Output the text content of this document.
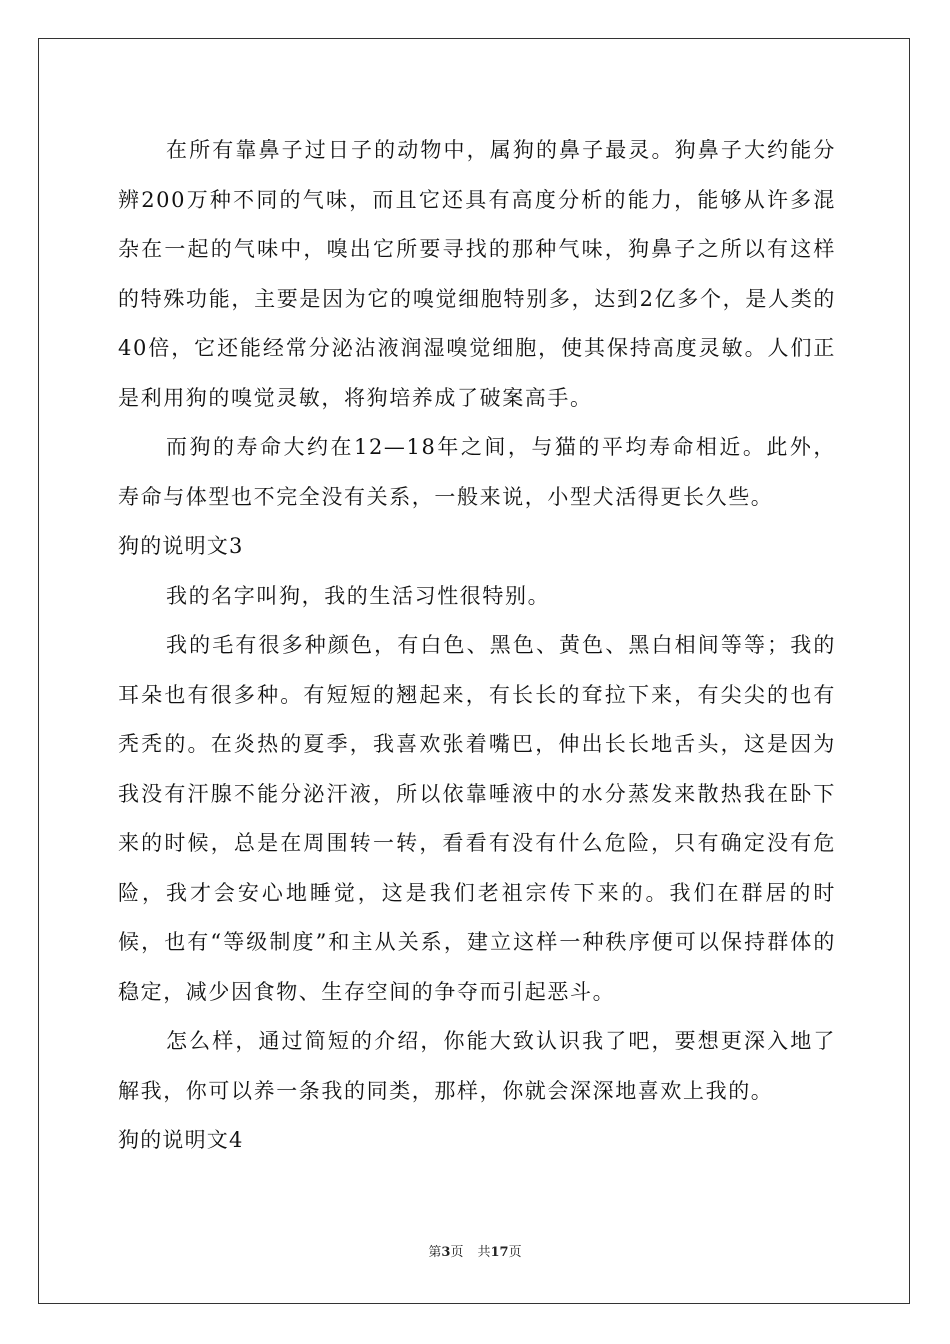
在所有靠鼻子过日子的动物中，属狗的鼻子最灵。狗鼻子大约能分辨200万种不同的气味，而且它还具有高度分析的能力，能够从许多混杂在一起的气味中，嗅出它所要寻找的那种气味，狗鼻子之所以有这样的特殊功能，主要是因为它的嗅觉细胞特别多，达到2亿多个，是人类的40倍，它还能经常分泌沾液润湿嗅觉细胞，使其保持高度灵敏。人们正是利用狗的嗅觉灵敏，将狗培养成了破案高手。

而狗的寿命大约在12—18年之间，与猫的平均寿命相近。此外，寿命与体型也不完全没有关系，一般来说，小型犬活得更长久些。

狗的说明文3

我的名字叫狗，我的生活习性很特别。

我的毛有很多种颜色，有白色、黑色、黄色、黑白相间等等；我的耳朵也有很多种。有短短的翘起来，有长长的耷拉下来，有尖尖的也有秃秃的。在炎热的夏季，我喜欢张着嘴巴，伸出长长地舌头，这是因为我没有汗腺不能分泌汗液，所以依靠唾液中的水分蒸发来散热我在卧下来的时候，总是在周围转一转，看看有没有什么危险，只有确定没有危险，我才会安心地睡觉，这是我们老祖宗传下来的。我们在群居的时候，也有“等级制度”和主从关系，建立这样一种秩序便可以保持群体的稳定，减少因食物、生存空间的争夺而引起恶斗。

怎么样，通过简短的介绍，你能大致认识我了吧，要想更深入地了解我，你可以养一条我的同类，那样，你就会深深地喜欢上我的。

狗的说明文4

第3页 共17页
